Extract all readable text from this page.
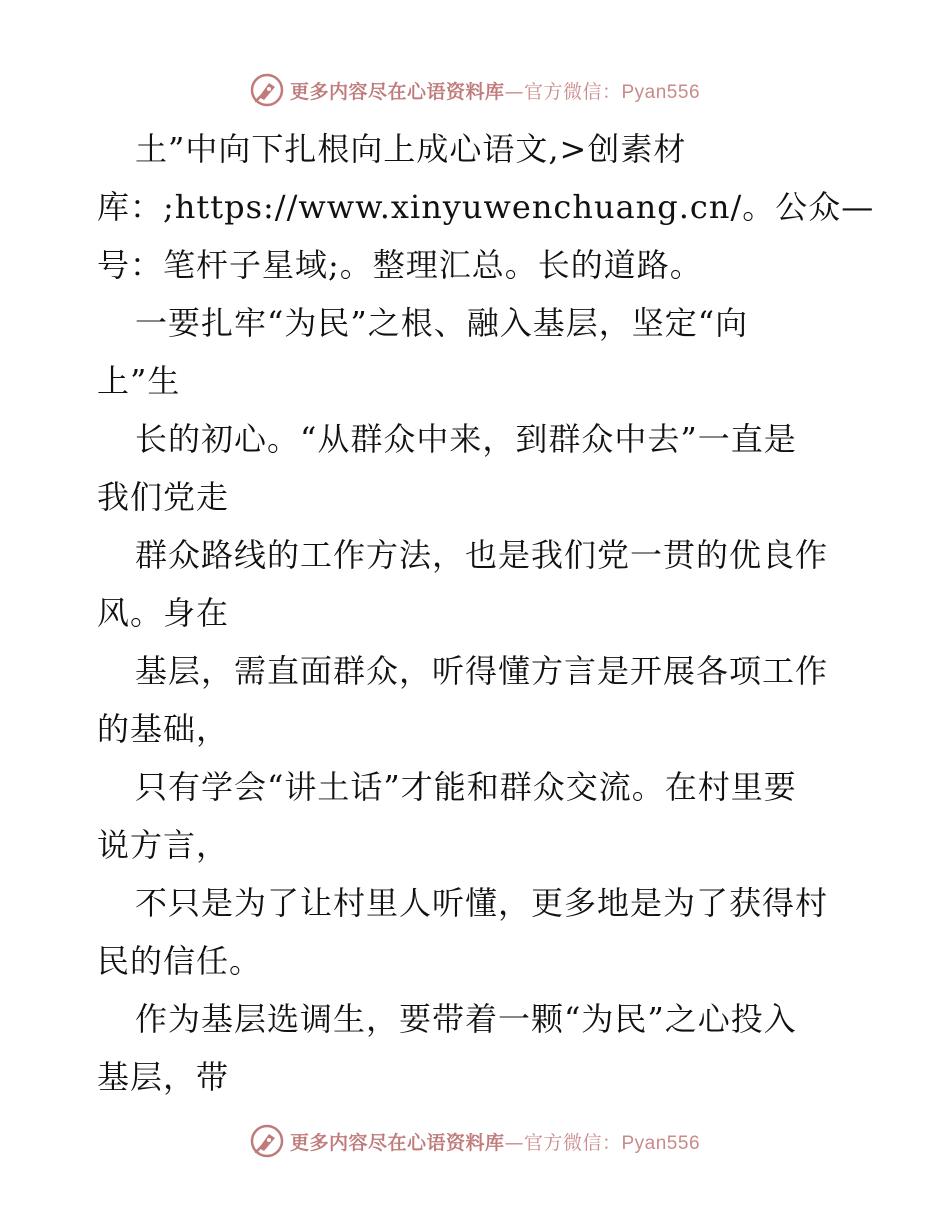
更多内容尽在心语资料库—官方微信：Pyan556
土”中向下扎根向上成心语文,>创素材
库：;https://www.xinyuwenchuang.cn/。公众—
号：笔杆子星域;。整理汇总。长的道路。
一要扎牢“为民”之根、融入基层，坚定“向
上”生
长的初心。“从群众中来，到群众中去”一直是
我们党走
群众路线的工作方法，也是我们党一贯的优良作
风。身在
基层，需直面群众，听得懂方言是开展各项工作
的基础，
只有学会“讲土话”才能和群众交流。在村里要
说方言，
不只是为了让村里人听懂，更多地是为了获得村
民的信任。
作为基层选调生，要带着一颗“为民”之心投入
基层，带
更多内容尽在心语资料库—官方微信：Pyan556
